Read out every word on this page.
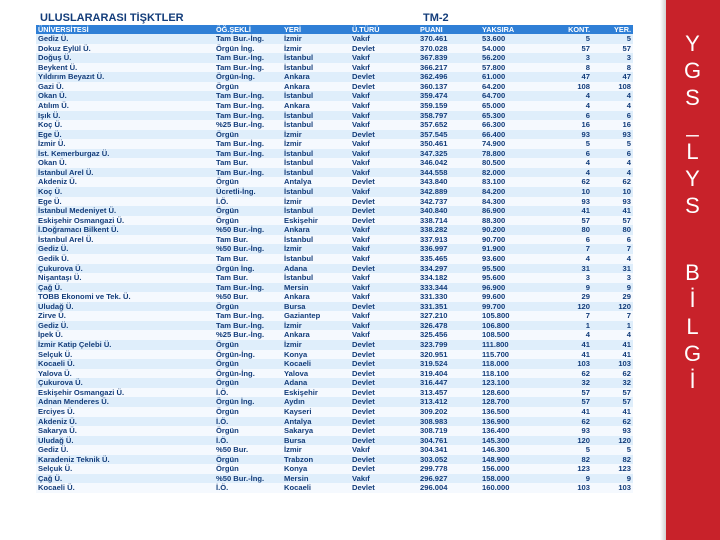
ULUSLARARASI TİŞKTLER	TM-2
ÜNİVERSİTESİ	ÖĞ.ŞEKLİ	YERİ	Ü.TÜRÜ	PUANI	YAKSIRA	KONT.	YER.
Gediz Ü.	Tam Bur.-İng.	İzmir	Vakıf	370.461	53.600	5	5
Dokuz Eylül Ü.	Örgün İng.	İzmir	Devlet	370.028	54.000	57	57
Doğuş Ü.	Tam Bur.-İng.	İstanbul	Vakıf	367.839	56.200	3	3
Beykent Ü.	Tam Bur.-İng.	İstanbul	Vakıf	366.217	57.800	8	8
Yıldırım Beyazıt Ü.	Örgün-İng.	Ankara	Devlet	362.496	61.000	47	47
Gazi Ü.	Örgün	Ankara	Devlet	360.137	64.200	108	108
Okan Ü.	Tam Bur.-İng.	İstanbul	Vakıf	359.474	64.700	4	4
Atılım Ü.	Tam Bur.-İng.	Ankara	Vakıf	359.159	65.000	4	4
Işık Ü.	Tam Bur.-İng.	İstanbul	Vakıf	358.797	65.300	6	6
Koç Ü.	%25 Bur.-İng.	İstanbul	Vakıf	357.652	66.300	16	16
Ege Ü.	Örgün	İzmir	Devlet	357.545	66.400	93	93
İzmir Ü.	Tam Bur.-İng.	İzmir	Vakıf	350.461	74.900	5	5
İst. Kemerburgaz Ü.	Tam Bur.-İng.	İstanbul	Vakıf	347.325	78.800	6	6
Okan Ü.	Tam Bur.	İstanbul	Vakıf	346.042	80.500	4	4
İstanbul Arel Ü.	Tam Bur.-İng.	İstanbul	Vakıf	344.558	82.000	4	4
Akdeniz Ü.	Örgün	Antalya	Devlet	343.840	83.100	62	62
Koç Ü.	Ücretli-İng.	İstanbul	Vakıf	342.889	84.200	10	10
Ege Ü.	İ.Ö.	İzmir	Devlet	342.737	84.300	93	93
İstanbul Medeniyet Ü.	Örgün	İstanbul	Devlet	340.840	86.900	41	41
Eskişehir Osmangazi Ü.	Örgün	Eskişehir	Devlet	338.714	88.300	57	57
İ.Doğramacı Bilkent Ü.	%50 Bur.-İng.	Ankara	Vakıf	338.282	90.200	80	80
İstanbul Arel Ü.	Tam Bur.	İstanbul	Vakıf	337.913	90.700	6	6
Gediz Ü.	%50 Bur.-İng.	İzmir	Vakıf	336.997	91.900	7	7
Gedik Ü.	Tam Bur.	İstanbul	Vakıf	335.465	93.600	4	4
Çukurova Ü.	Örgün İng.	Adana	Devlet	334.297	95.500	31	31
Nişantaşı Ü.	Tam Bur.	İstanbul	Vakıf	334.182	95.600	3	3
Çağ Ü.	Tam Bur.-İng.	Mersin	Vakıf	333.344	96.900	9	9
TOBB Ekonomi ve Tek. Ü.	%50 Bur.	Ankara	Vakıf	331.330	99.600	29	29
Uludağ Ü.	Örgün	Bursa	Devlet	331.351	99.700	120	120
Zirve Ü.	Tam Bur.-İng.	Gaziantep	Vakıf	327.210	105.800	7	7
Gediz Ü.	Tam Bur.-İng.	İzmir	Vakıf	326.478	106.800	1	1
İpek Ü.	%25 Bur.-İng.	Ankara	Vakıf	325.456	108.500	4	4
İzmir Katip Çelebi Ü.	Örgün	İzmir	Devlet	323.799	111.800	41	41
Selçuk Ü.	Örgün-İng.	Konya	Devlet	320.951	115.700	41	41
Kocaeli Ü.	Örgün	Kocaeli	Devlet	319.524	118.000	103	103
Yalova Ü.	Örgün-İng.	Yalova	Devlet	319.404	118.100	62	62
Çukurova Ü.	Örgün	Adana	Devlet	316.447	123.100	32	32
Eskişehir Osmangazi Ü.	İ.Ö.	Eskişehir	Devlet	313.457	128.600	57	57
Adnan Menderes Ü.	Örgün İng.	Aydın	Devlet	313.412	128.700	57	57
Erciyes Ü.	Örgün	Kayseri	Devlet	309.202	136.500	41	41
Akdeniz Ü.	İ.Ö.	Antalya	Devlet	308.983	136.900	62	62
Sakarya Ü.	Örgün	Sakarya	Devlet	308.719	136.400	93	93
Uludağ Ü.	İ.Ö.	Bursa	Devlet	304.761	145.300	120	120
Gediz Ü.	%50 Bur.	İzmir	Vakıf	304.341	146.300	5	5
Karadeniz Teknik Ü.	Örgün	Trabzon	Devlet	303.052	148.900	82	82
Selçuk Ü.	Örgün	Konya	Devlet	299.778	156.000	123	123
Çağ Ü.	%50 Bur.-İng.	Mersin	Vakıf	296.927	158.000	9	9
Kocaeli Ü.	İ.Ö.	Kocaeli	Devlet	296.004	160.000	103	103
Y
G
S
_
L
Y
S
B
İ
L
G
İ
